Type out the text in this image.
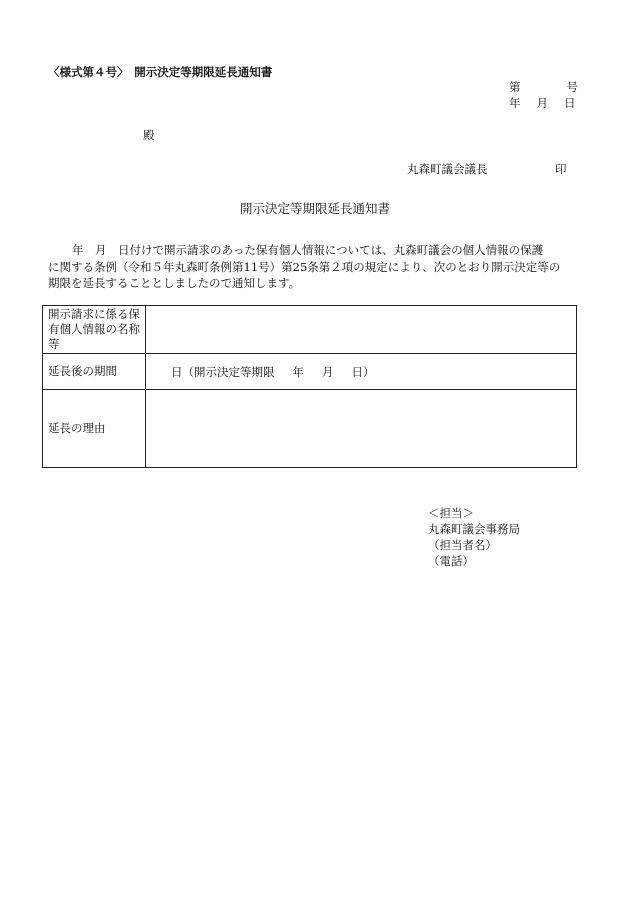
〈様式第４号〉　開示決定等期限延長通知書
第	号
年 月 日
殿
丸森町議会議長	印
開示決定等期限延長通知書
年　月　日付けで開示請求のあった保有個人情報については、丸森町議会の個人情報の保護
に関する条例（令和５年丸森町条例第11号）第25条第２項の規定により、次のとおり開示決定等の
期限を延長することとしましたので通知します。
開示請求に係る保有個人情報の名称等	
延長後の期間	日（開示決定等期限 年 月 日）
延長の理由	
＜担当＞
丸森町議会事務局
（担当者名）
（電話）
